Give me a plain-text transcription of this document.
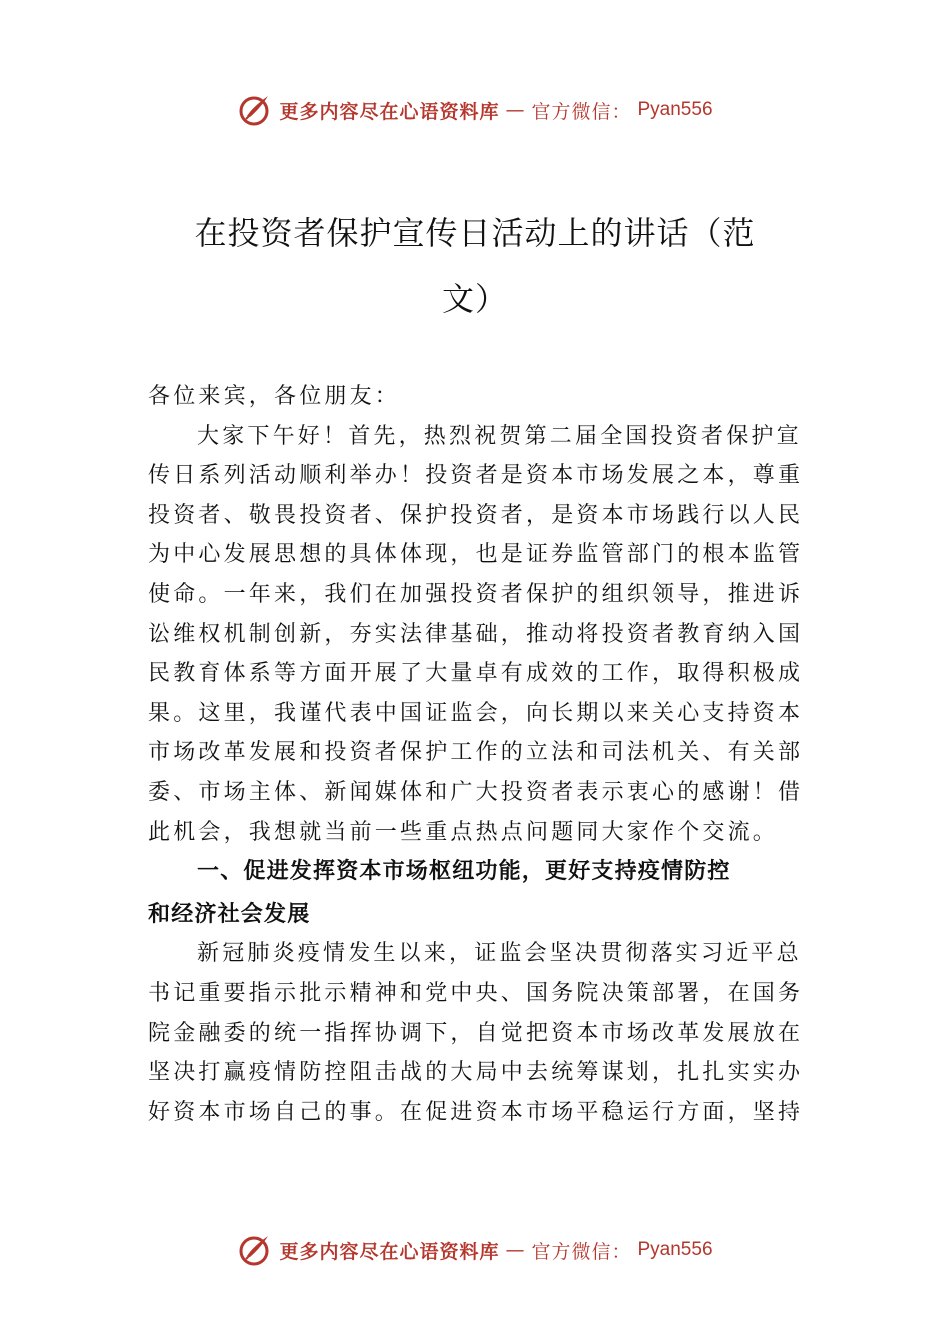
更多内容尽在心语资料库 — 官方微信： Pyan556
在投资者保护宣传日活动上的讲话（范
文）
各位来宾，各位朋友：
大家下午好！首先，热烈祝贺第二届全国投资者保护宣
传日系列活动顺利举办！投资者是资本市场发展之本，尊重
投资者、敬畏投资者、保护投资者，是资本市场践行以人民
为中心发展思想的具体体现，也是证券监管部门的根本监管
使命。一年来，我们在加强投资者保护的组织领导，推进诉
讼维权机制创新，夯实法律基础，推动将投资者教育纳入国
民教育体系等方面开展了大量卓有成效的工作，取得积极成
果。这里，我谨代表中国证监会，向长期以来关心支持资本
市场改革发展和投资者保护工作的立法和司法机关、有关部
委、市场主体、新闻媒体和广大投资者表示衷心的感谢！借
此机会，我想就当前一些重点热点问题同大家作个交流。
一、促进发挥资本市场枢纽功能，更好支持疫情防控
和经济社会发展
新冠肺炎疫情发生以来，证监会坚决贯彻落实习近平总
书记重要指示批示精神和党中央、国务院决策部署，在国务
院金融委的统一指挥协调下，自觉把资本市场改革发展放在
坚决打赢疫情防控阻击战的大局中去统筹谋划，扎扎实实办
好资本市场自己的事。在促进资本市场平稳运行方面，坚持
更多内容尽在心语资料库 — 官方微信： Pyan556
